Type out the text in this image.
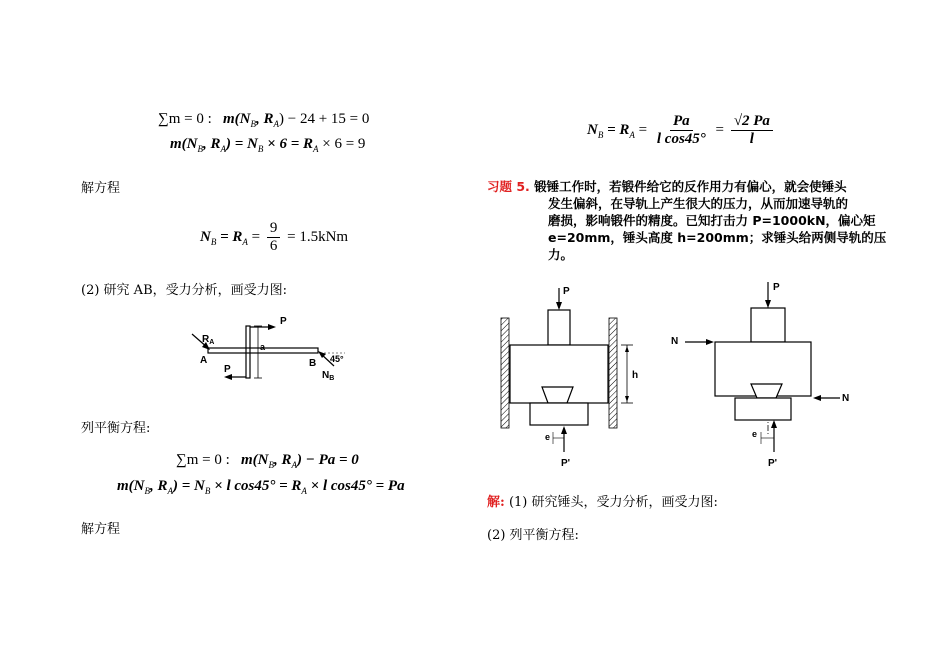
∑m = 0 : $m(N_B$, $R_A) - 24 + 15 = 0$
$m(N_B$, $R_A) = N_B \times 6 = R_A \times 6 = 9$
解方程
$N_B = R_A = \frac{9}{6} = 1.5kNm$
(2) 研究 AB，受力分析，画受力图:
$R_A$
A
a
P
P
B 45°
$N_B$
列平衡方程:
∑m = 0 : $m(N_B$, $R_A) - Pa = 0$
$m(N_B$, $R_A) = N_B \times l$ $\cos 45^\circ = R_A \times l$ cos45° = Pa
解方程
$N_B = R_A = \frac{Pa}{\text{l cos45°}} = \frac{√2 Pa}{l}$
习题 5. 锻锤工作时，若锻件给它的反作用力有偏心，就会使锤头
发生偏斜，在导轨上产生很大的压力，从而加速导轨的
磨损，影响锻件的精度。已知打击力 P=1000kN，偏心矩
e=20mm，锤头高度 h=200mm；求锤头给两侧导轨的压
力。
P
h
e
P'
P
N
N
e
P'
解: (1) 研究锤头，受力分析，画受力图:
(2) 列平衡方程:
